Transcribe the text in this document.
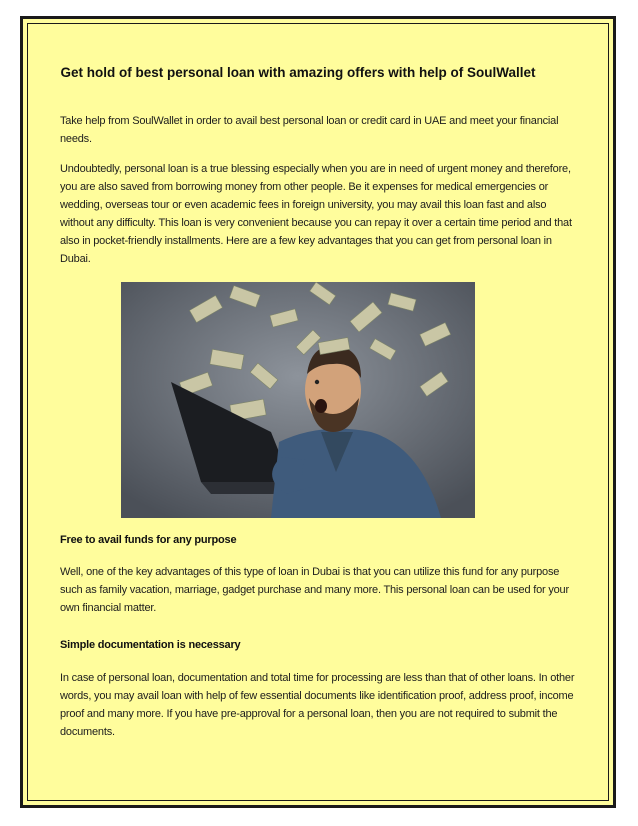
Get hold of best personal loan with amazing offers with help of SoulWallet
Take help from SoulWallet in order to avail best personal loan or credit card in UAE and meet your financial needs.
Undoubtedly, personal loan is a true blessing especially when you are in need of urgent money and therefore, you are also saved from borrowing money from other people. Be it expenses for medical emergencies or wedding, overseas tour or even academic fees in foreign university, you may avail this loan fast and also without any difficulty. This loan is very convenient because you can repay it over a certain time period and that also in pocket-friendly installments. Here are a few key advantages that you can get from personal loan in Dubai.
Free to avail funds for any purpose
Well, one of the key advantages of this type of loan in Dubai is that you can utilize this fund for any purpose such as family vacation, marriage, gadget purchase and many more. This personal loan can be used for your own financial matter.
Simple documentation is necessary
In case of personal loan, documentation and total time for processing are less than that of other loans. In other words, you may avail loan with help of few essential documents like identification proof, address proof, income proof and many more. If you have pre-approval for a personal loan, then you are not required to submit the documents.
